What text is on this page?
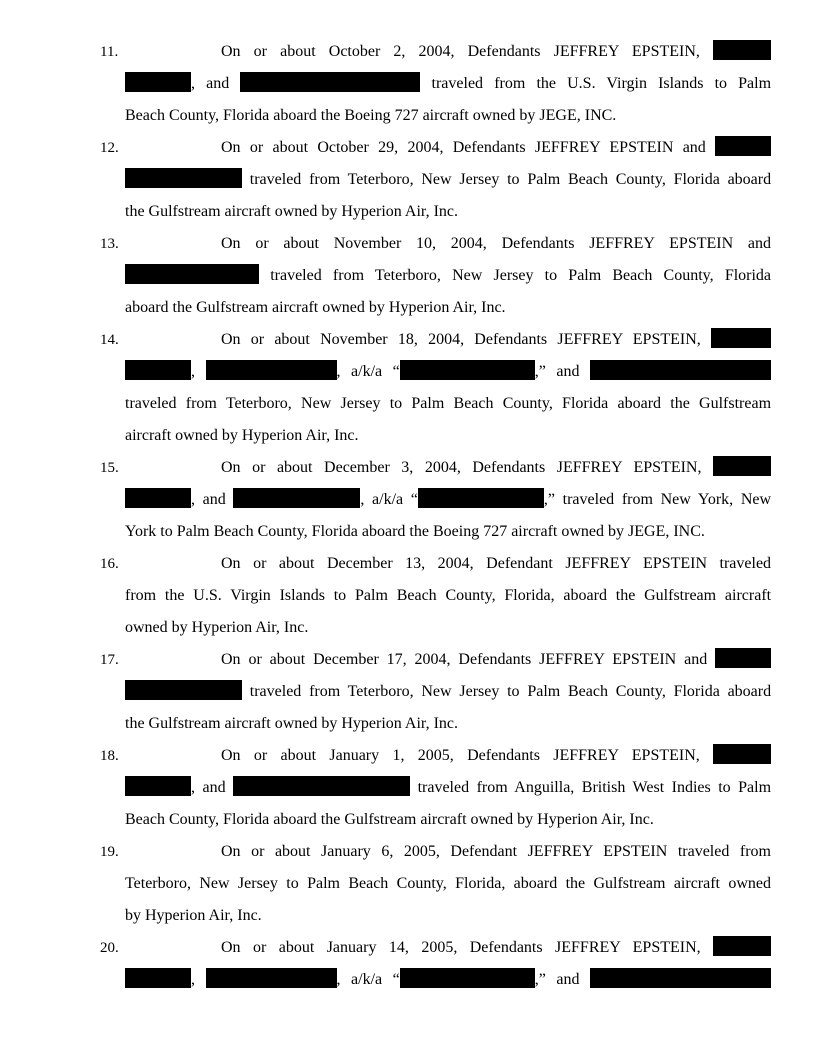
11.	On or about October 2, 2004, Defendants JEFFREY EPSTEIN,
, and	traveled from the U.S. Virgin Islands to Palm
Beach County, Florida aboard the Boeing 727 aircraft owned by JEGE, INC.
12.	On or about October 29, 2004, Defendants JEFFREY EPSTEIN and
traveled from Teterboro, New Jersey to Palm Beach County, Florida aboard
the Gulfstream aircraft owned by Hyperion Air, Inc.
13.	On or about November 10, 2004, Defendants JEFFREY EPSTEIN and
traveled from Teterboro, New Jersey to Palm Beach County, Florida
aboard the Gulfstream aircraft owned by Hyperion Air, Inc.
14.	On or about November 18, 2004, Defendants JEFFREY EPSTEIN,
,	, a/k/a “	,” and
traveled from Teterboro, New Jersey to Palm Beach County, Florida aboard the Gulfstream
aircraft owned by Hyperion Air, Inc.
15.	On or about December 3, 2004, Defendants JEFFREY EPSTEIN,
, and	, a/k/a “	,” traveled from New York, New
York to Palm Beach County, Florida aboard the Boeing 727 aircraft owned by JEGE, INC.
16.	On or about December 13, 2004, Defendant JEFFREY EPSTEIN traveled
from the U.S. Virgin Islands to Palm Beach County, Florida, aboard the Gulfstream aircraft
owned by Hyperion Air, Inc.
17.	On or about December 17, 2004, Defendants JEFFREY EPSTEIN and
traveled from Teterboro, New Jersey to Palm Beach County, Florida aboard
the Gulfstream aircraft owned by Hyperion Air, Inc.
18.	On or about January 1, 2005, Defendants JEFFREY EPSTEIN,
, and	traveled from Anguilla, British West Indies to Palm
Beach County, Florida aboard the Gulfstream aircraft owned by Hyperion Air, Inc.
19.	On or about January 6, 2005, Defendant JEFFREY EPSTEIN traveled from
Teterboro, New Jersey to Palm Beach County, Florida, aboard the Gulfstream aircraft owned
by Hyperion Air, Inc.
20.	On or about January 14, 2005, Defendants JEFFREY EPSTEIN,
,	, a/k/a “	,” and
